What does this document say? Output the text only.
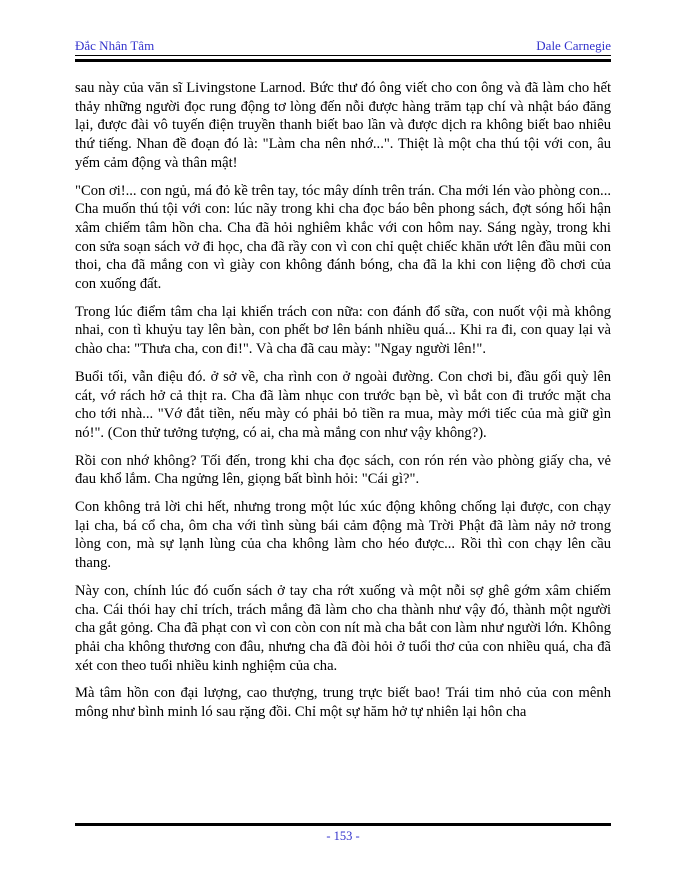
Đắc Nhân Tâm	Dale Carnegie

sau này của văn sĩ Livingstone Larnod. Bức thư đó ông viết cho con ông và đã làm cho hết thảy những người đọc rung động tơ lòng đến nỗi được hàng trăm tạp chí và nhật báo đăng lại, được đài vô tuyến điện truyền thanh biết bao lần và được dịch ra không biết bao nhiêu thứ tiếng. Nhan đề đoạn đó là: "Làm cha nên nhớ...". Thiệt là một cha thú tội với con, âu yếm cảm động và thân mật!

"Con ơi!... con ngủ, má đỏ kề trên tay, tóc mây dính trên trán. Cha mới lén vào phòng con... Cha muốn thú tội với con: lúc nãy trong khi cha đọc báo bên phong sách, đợt sóng hối hận xâm chiếm tâm hồn cha. Cha đã hỏi nghiêm khắc với con hôm nay. Sáng ngày, trong khi con sửa soạn sách vở đi học, cha đã rầy con vì con chỉ quệt chiếc khăn ướt lên đầu mũi con thoi, cha đã mắng con vì giày con không đánh bóng, cha đã la khi con liệng đồ chơi của con xuống đất.

Trong lúc điểm tâm cha lại khiển trách con nữa: con đánh đổ sữa, con nuốt vội mà không nhai, con tì khuỷu tay lên bàn, con phết bơ lên bánh nhiều quá... Khi ra đi, con quay lại và chào cha: "Thưa cha, con đi!". Và cha đã cau mày: "Ngay người lên!".

Buổi tối, vẫn điệu đó. ở sở về, cha rình con ở ngoài đường. Con chơi bi, đầu gối quỳ lên cát, vớ rách hở cả thịt ra. Cha đã làm nhục con trước bạn bè, vì bắt con đi trước mặt cha cho tới nhà... "Vớ đắt tiền, nếu mày có phải bỏ tiền ra mua, mày mới tiếc của mà giữ gìn nó!". (Con thử tưởng tượng, có ai, cha mà mắng con như vậy không?).

Rồi con nhớ không? Tối đến, trong khi cha đọc sách, con rón rén vào phòng giấy cha, vẻ đau khổ lắm. Cha ngửng lên, giọng bất bình hỏi: "Cái gì?".

Con không trả lời chi hết, nhưng trong một lúc xúc động không chống lại được, con chạy lại cha, bá cổ cha, ôm cha với tình sùng bái cảm động mà Trời Phật đã làm nảy nở trong lòng con, mà sự lạnh lùng của cha không làm cho héo được... Rồi thì con chạy lên cầu thang.

Này con, chính lúc đó cuốn sách ở tay cha rớt xuống và một nỗi sợ ghê gớm xâm chiếm cha. Cái thói hay chỉ trích, trách mắng đã làm cho cha thành như vậy đó, thành một người cha gắt gỏng. Cha đã phạt con vì con còn con nít mà cha bắt con làm như người lớn. Không phải cha không thương con đâu, nhưng cha đã đòi hỏi ở tuổi thơ của con nhiều quá, cha đã xét con theo tuổi nhiều kinh nghiệm của cha.

Mà tâm hồn con đại lượng, cao thượng, trung trực biết bao! Trái tim nhỏ của con mênh mông như bình minh ló sau rặng đồi. Chỉ một sự hăm hở tự nhiên lại hôn cha

- 153 -
